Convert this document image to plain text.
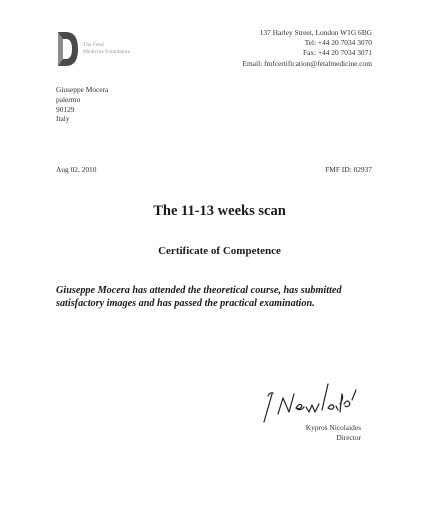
The Fetal
Medicine Foundation
137 Harley Street, London W1G 6BG
Tel: +44 20 7034 3070
Fax: +44 20 7034 3071
Email: fmfcertification@fetalmedicine.com
Giuseppe Mocera
palermo
90129
Italy
Aug 02, 2010	FMF ID: 82937
The 11-13 weeks scan
Certificate of Competence
Giuseppe Mocera has attended the theoretical course, has submitted satisfactory images and has passed the practical examination.
Kypros Nicolaides
Director
